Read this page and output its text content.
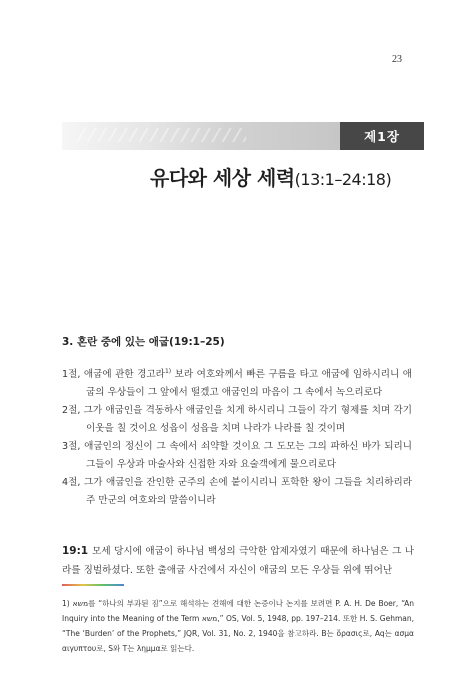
23
제1장
유다와 세상 세력(13:1–24:18)
3. 혼란 중에 있는 애굽(19:1–25)
1절, 애굽에 관한 경고라$^{1)}$ 보라 여호와께서 빠른 구름을 타고 애굽에 임하시리니 애굽의 우상들이 그 앞에서 떨겠고 애굽인의 마음이 그 속에서 녹으리로다
2절, 그가 애굽인을 격동하사 애굽인을 치게 하시리니 그들이 각기 형제를 치며 각기 이웃을 칠 것이요 성읍이 성읍을 치며 나라가 나라를 칠 것이며
3절, 애굽인의 정신이 그 속에서 쇠약할 것이요 그 도모는 그의 파하신 바가 되리니 그들이 우상과 마술사와 신접한 자와 요술객에게 물으리로다
4절, 그가 애굽인을 잔인한 군주의 손에 붙이시리니 포학한 왕이 그들을 치리하리라 주 만군의 여호와의 말씀이니라
19:1 모세 당시에 애굽이 하나님 백성의 극악한 압제자였기 때문에 하나님은 그 나라를 징벌하셨다. 또한 출애굽 사건에서 자신이 애굽의 모든 우상들 위에 뛰어난
1) משא를 “하나의 부과된 짐”으로 해석하는 견해에 대한 논증이나 논지를 보려면 P. A. H. De Boer, “An Inquiry into the Meaning of the Term משא,” OS, Vol. 5, 1948, pp. 197–214. 또한 H. S. Gehman, “The ‘Burden’ of the Prophets,” JQR, Vol. 31, No. 2, 1940을 참고하라. B는 ὅρασις로, Aq는 ασμα αιγυπτου로, S와 T는 λημμα로 읽는다.
